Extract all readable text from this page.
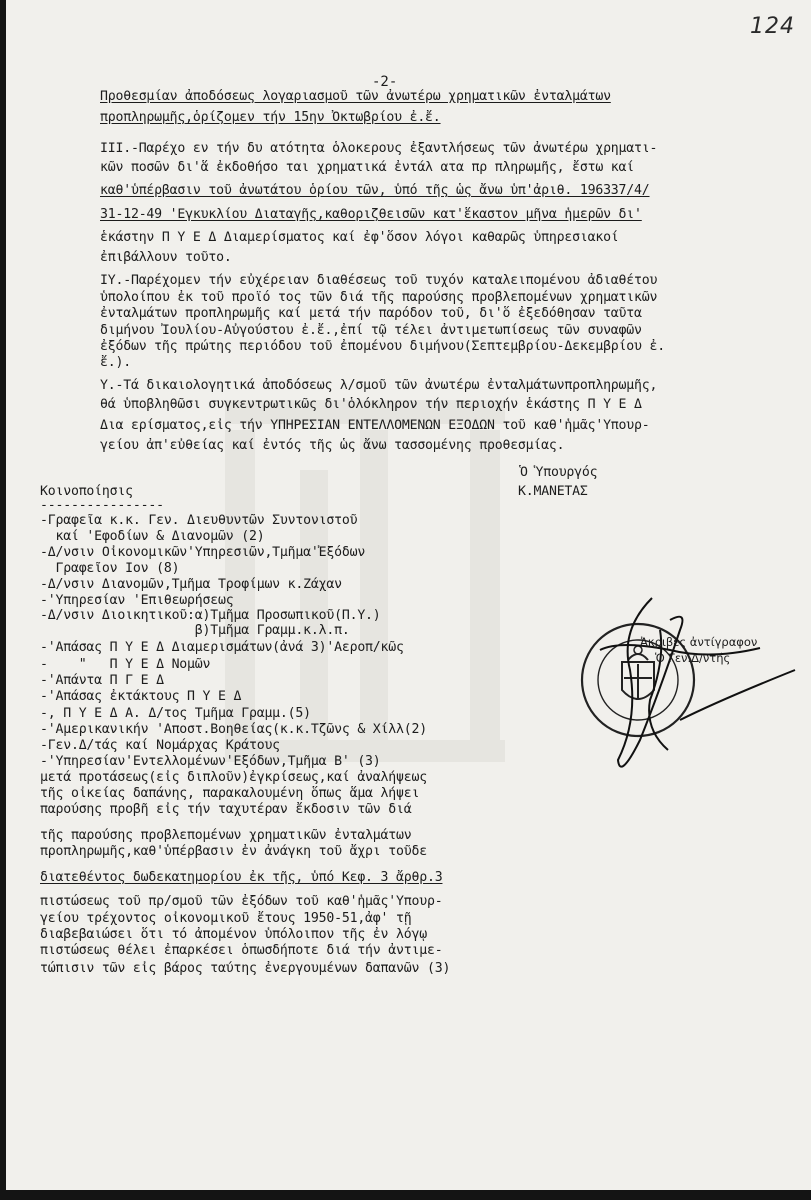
124
-2-
Προθεσμίαν ἀποδόσεως λογαριασμοῦ τῶν ἀνωτέρω χρηματικῶν ἐνταλμάτων
προπληρωμῆς,ὁρίζομεν τήν 15ην Ὀκτωβρίου ἐ.ἔ.
ΙΙΙ.-Παρέχο εν τήν δυ ατότητα ὁλοκερους ἐξαντλήσεως τῶν ἀνωτέρω χρηματι-
κῶν ποσῶν δι'ἅ ἐκδοθήσο ται χρηματικά ἐντάλ ατα πρ πληρωμῆς, ἔστω καί
καθ'ὑπέρβασιν τοῦ ἀνωτάτου ὁρίου τῶν, ὑπό τῆς ὡς ἄνω ὑπ'ἀριθ. 196337/4/
31-12-49 'Εγκυκλίου Διαταγῆς,καθοριζθεισῶν κατ'ἕκαστον μῆνα ἡμερῶν δι'
ἑκάστην Π Υ Ε Δ Διαμερίσματος καί ἐφ'ὅσον λόγοι καθαρῶς ὑπηρεσιακοί
ἐπιβάλλουν τοῦτο.
ΙΥ.-Παρέχομεν τήν εὐχέρειαν διαθέσεως τοῦ τυχόν καταλειπομένου ἀδιαθέτου
ὑπολοίπου ἐκ τοῦ προϊό τος τῶν διά τῆς παρούσης προβλεπομένων χρηματικῶν
ἐνταλμάτων προπληρωμῆς καί μετά τήν παρόδον τοῦ, δι'ὅ ἐξεδόθησαν ταῦτα
διμήνου Ἰουλίου-Αὐγούστου ἐ.ἔ.,ἐπί τῷ τέλει ἀντιμετωπίσεως τῶν συναφῶν
ἐξόδων τῆς πρώτης περιόδου τοῦ ἐπομένου διμήνου(Σεπτεμβρίου-Δεκεμβρίου ἐ.
ἔ.).
Υ.-Τά δικαιολογητικά ἀποδόσεως λ/σμοῦ τῶν ἀνωτέρω ἐνταλμάτωνπροπληρωμῆς,
θά ὑποβληθῶσι συγκεντρωτικῶς δι'ὁλόκληρον τήν περιοχήν ἑκάστης Π Υ Ε Δ
Δια ερίσματος,εἰς τήν ΥΠΗΡΕΣΙΑΝ ΕΝΤΕΛΛΟΜΕΝΩΝ ΕΞΟΔΩΝ τοῦ καθ'ἡμᾶς'Υπουρ-
γείου ἀπ'εὐθείας καί ἐντός τῆς ὡς ἄνω τασσομένης προθεσμίας.
Ὁ Ὑπουργός
Κ.ΜΑΝΕΤΑΣ
Κοινοποίησις
----------------
-Γραφεῖα κ.κ. Γεν. Διευθυντῶν Συντονιστοῦ
καί 'Εφοδίων & Διανομῶν (2)
-Δ/νσιν Οἰκονομικῶν'Υπηρεσιῶν,Τμῆμα'Ἐξόδων
Γραφεῖον Ιον (8)
-Δ/νσιν Διανομῶν,Τμῆμα Τροφίμων κ.Ζάχαν
-'Υπηρεσίαν 'Επιθεωρήσεως
-Δ/νσιν Διοικητικοῦ:α)Τμῆμα Προσωπικοῦ(Π.Υ.)
β)Τμῆμα Γραμμ.κ.λ.π.
-'Απάσας Π Υ Ε Δ Διαμερισμάτων(ἀνά 3)'Αεροπ/κῶς
-    "   Π Υ Ε Δ Νομῶν
-'Απάντα Π Γ Ε Δ
-'Απάσας ἐκτάκτους Π Υ Ε Δ
-, Π Υ Ε Δ Α. Δ/τος Τμῆμα Γραμμ.(5)
-'Αμερικανικήν 'Αποστ.Βοηθείας(κ.κ.Τζῶνς & Χίλλ(2)
-Γεν.Δ/τάς καί Νομάρχας Κράτους
-'Υπηρεσίαν'Εντελλομένων'Εξόδων,Τμῆμα Β' (3)
μετά προτάσεως(εἰς διπλοῦν)ἐγκρίσεως,καί ἀναλήψεως
τῆς οἰκείας δαπάνης, παρακαλουμένη ὅπως ἅμα λήψει
παρούσης προβῆ εἰς τήν ταχυτέραν ἔκδοσιν τῶν διά
τῆς παρούσης προβλεπομένων χρηματικῶν ἐνταλμάτων
προπληρωμῆς,καθ'ὑπέρβασιν ἐν ἀνάγκη τοῦ ἄχρι τοῦδε
διατεθέντος δωδεκατημορίου ἐκ τῆς, ὑπό Κεφ. 3 ἄρθρ.3
πιστώσεως τοῦ πρ/σμοῦ τῶν ἐξόδων τοῦ καθ'ἡμᾶς'Υπουρ-
γείου τρέχοντος οἰκονομικοῦ ἔτους 1950-51,ἀφ' τῇ
διαβεβαιώσει ὅτι τό ἀπομένον ὑπόλοιπον τῆς ἐν λόγῳ
πιστώσεως θέλει ἐπαρκέσει ὁπωσδήποτε διά τήν ἀντιμε-
τώπισιν τῶν εἰς βάρος ταύτης ἐνεργουμένων δαπανῶν (3)
Ἀκριβές ἀντίγραφον
Ὁ Γεν.Δ/ντής
